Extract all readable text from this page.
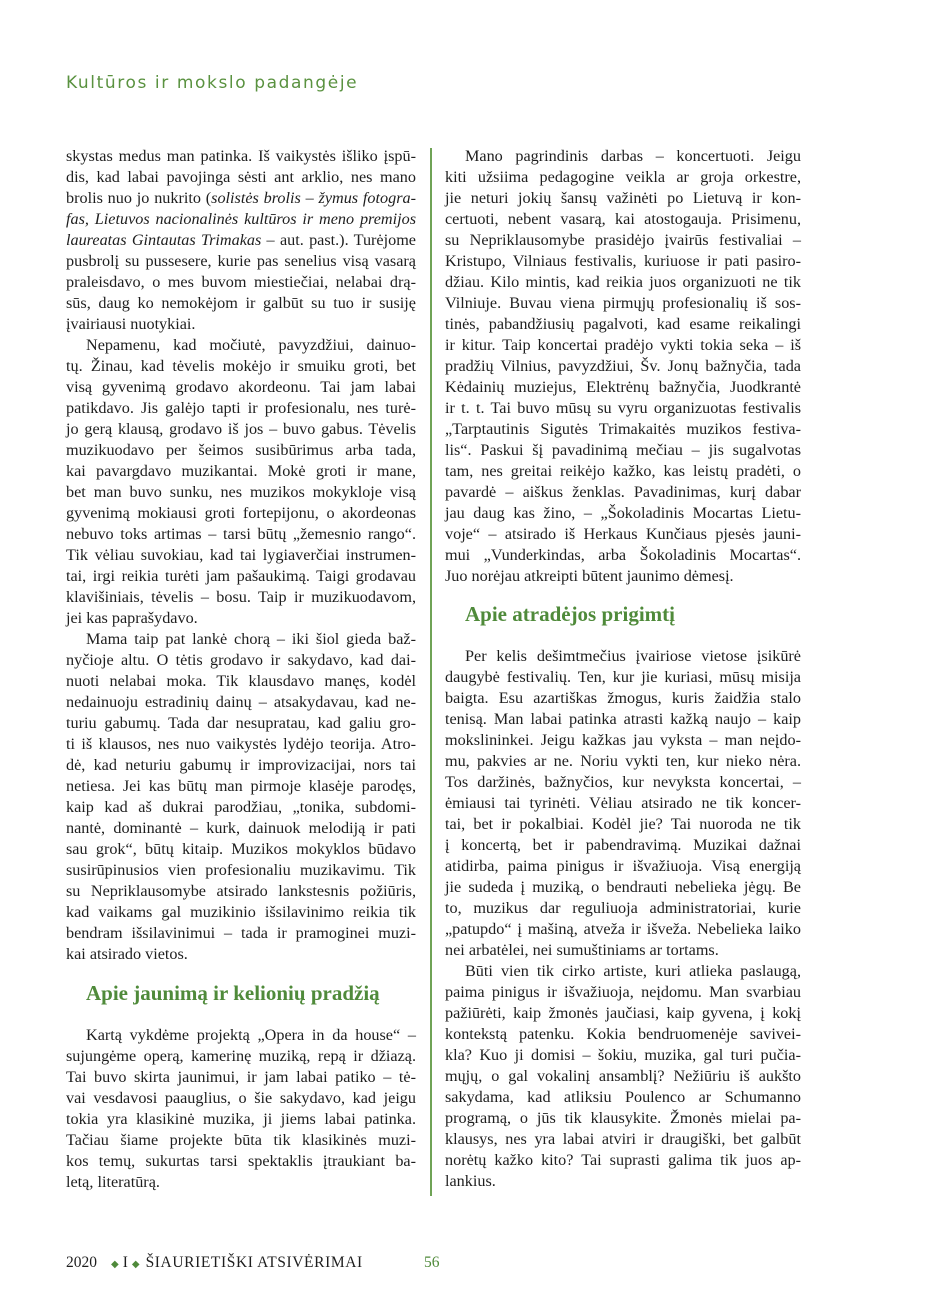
Kultūros ir mokslo padangėje
skystas medus man patinka. Iš vaikystės išliko įspū-
dis, kad labai pavojinga sėsti ant arklio, nes mano
brolis nuo jo nukrito (solistės brolis – žymus fotogra-
fas, Lietuvos nacionalinės kultūros ir meno premijos
laureatas Gintautas Trimakas – aut. past.). Turėjome
pusbrolį su pussesere, kurie pas senelius visą vasarą
praleisdavo, o mes buvom miestiečiai, nelabai drą-
sūs, daug ko nemokėjom ir galbūt su tuo ir susiję
įvairiausi nuotykiai.
Nepamenu, kad močiutė, pavyzdžiui, dainuo-
tų. Žinau, kad tėvelis mokėjo ir smuiku groti, bet
visą gyvenimą grodavo akordeonu. Tai jam labai
patikdavo. Jis galėjo tapti ir profesionalu, nes turė-
jo gerą klausą, grodavo iš jos – buvo gabus. Tėvelis
muzikuodavo per šeimos susibūrimus arba tada,
kai pavargdavo muzikantai. Mokė groti ir mane,
bet man buvo sunku, nes muzikos mokykloje visą
gyvenimą mokiausi groti fortepijonu, o akordeonas
nebuvo toks artimas – tarsi būtų „žemesnio rango“.
Tik vėliau suvokiau, kad tai lygiaverčiai instrumen-
tai, irgi reikia turėti jam pašaukimą. Taigi grodavau
klavišiniais, tėvelis – bosu. Taip ir muzikuodavom,
jei kas paprašydavo.
Mama taip pat lankė chorą – iki šiol gieda baž-
nyčioje altu. O tėtis grodavo ir sakydavo, kad dai-
nuoti nelabai moka. Tik klausdavo manęs, kodėl
nedainuoju estradinių dainų – atsakydavau, kad ne-
turiu gabumų. Tada dar nesupratau, kad galiu gro-
ti iš klausos, nes nuo vaikystės lydėjo teorija. Atro-
dė, kad neturiu gabumų ir improvizacijai, nors tai
netiesa. Jei kas būtų man pirmoje klasėje parodęs,
kaip kad aš dukrai parodžiau, „tonika, subdomi-
nantė, dominantė – kurk, dainuok melodiją ir pati
sau grok“, būtų kitaip. Muzikos mokyklos būdavo
susirūpinusios vien profesionaliu muzikavimu. Tik
su Nepriklausomybe atsirado lankstesnis požiūris,
kad vaikams gal muzikinio išsilavinimo reikia tik
bendram išsilavinimui – tada ir pramoginei muzi-
kai atsirado vietos.
Apie jaunimą ir kelionių pradžią
Kartą vykdėme projektą „Opera in da house“ –
sujungėme operą, kamerinę muziką, repą ir džiazą.
Tai buvo skirta jaunimui, ir jam labai patiko – tė-
vai vesdavosi paauglius, o šie sakydavo, kad jeigu
tokia yra klasikinė muzika, ji jiems labai patinka.
Tačiau šiame projekte būta tik klasikinės muzi-
kos temų, sukurtas tarsi spektaklis įtraukiant ba-
letą, literatūrą.
Mano pagrindinis darbas – koncertuoti. Jeigu
kiti užsiima pedagogine veikla ar groja orkestre,
jie neturi jokių šansų važinėti po Lietuvą ir kon-
certuoti, nebent vasarą, kai atostogauja. Prisimenu,
su Nepriklausomybe prasidėjo įvairūs festivaliai –
Kristupo, Vilniaus festivalis, kuriuose ir pati pasiro-
džiau. Kilo mintis, kad reikia juos organizuoti ne tik
Vilniuje. Buvau viena pirmųjų profesionalių iš sos-
tinės, pabandžiusių pagalvoti, kad esame reikalingi
ir kitur. Taip koncertai pradėjo vykti tokia seka – iš
pradžių Vilnius, pavyzdžiui, Šv. Jonų bažnyčia, tada
Kėdainių muziejus, Elektrėnų bažnyčia, Juodkrantė
ir t. t. Tai buvo mūsų su vyru organizuotas festivalis
„Tarptautinis Sigutės Trimakaitės muzikos festiva-
lis“. Paskui šį pavadinimą mečiau – jis sugalvotas
tam, nes greitai reikėjo kažko, kas leistų pradėti, o
pavardė – aiškus ženklas. Pavadinimas, kurį dabar
jau daug kas žino, – „Šokoladinis Mocartas Lietu-
voje“ – atsirado iš Herkaus Kunčiaus pjesės jauni-
mui „Vunderkindas, arba Šokoladinis Mocartas“.
Juo norėjau atkreipti būtent jaunimo dėmesį.
Apie atradėjos prigimtį
Per kelis dešimtmečius įvairiose vietose įsikūrė
daugybė festivalių. Ten, kur jie kuriasi, mūsų misija
baigta. Esu azartiškas žmogus, kuris žaidžia stalo
tenisą. Man labai patinka atrasti kažką naujo – kaip
mokslininkei. Jeigu kažkas jau vyksta – man neįdo-
mu, pakvies ar ne. Noriu vykti ten, kur nieko nėra.
Tos daržinės, bažnyčios, kur nevyksta koncertai, –
ėmiausi tai tyrinėti. Vėliau atsirado ne tik koncer-
tai, bet ir pokalbiai. Kodėl jie? Tai nuoroda ne tik
į koncertą, bet ir pabendravimą. Muzikai dažnai
atidirba, paima pinigus ir išvažiuoja. Visą energiją
jie sudeda į muziką, o bendrauti nebelieka jėgų. Be
to, muzikus dar reguliuoja administratoriai, kurie
„patupdo“ į mašiną, atveža ir išveža. Nebelieka laiko
nei arbatėlei, nei sumuštiniams ar tortams.
Būti vien tik cirko artiste, kuri atlieka paslaugą,
paima pinigus ir išvažiuoja, neįdomu. Man svarbiau
pažiūrėti, kaip žmonės jaučiasi, kaip gyvena, į kokį
kontekstą patenku. Kokia bendruomenėje savivei-
kla? Kuo ji domisi – šokiu, muzika, gal turi pučia-
mųjų, o gal vokalinį ansamblį? Nežiūriu iš aukšto
sakydama, kad atliksiu Poulenco ar Schumanno
programą, o jūs tik klausykite. Žmonės mielai pa-
klausys, nes yra labai atviri ir draugiški, bet galbūt
norėtų kažko kito? Tai suprasti galima tik juos ap-
lankius.
2020 ◆ I ◆ ŠIAURIETIŠKI ATSIVĖRIMAI	56
